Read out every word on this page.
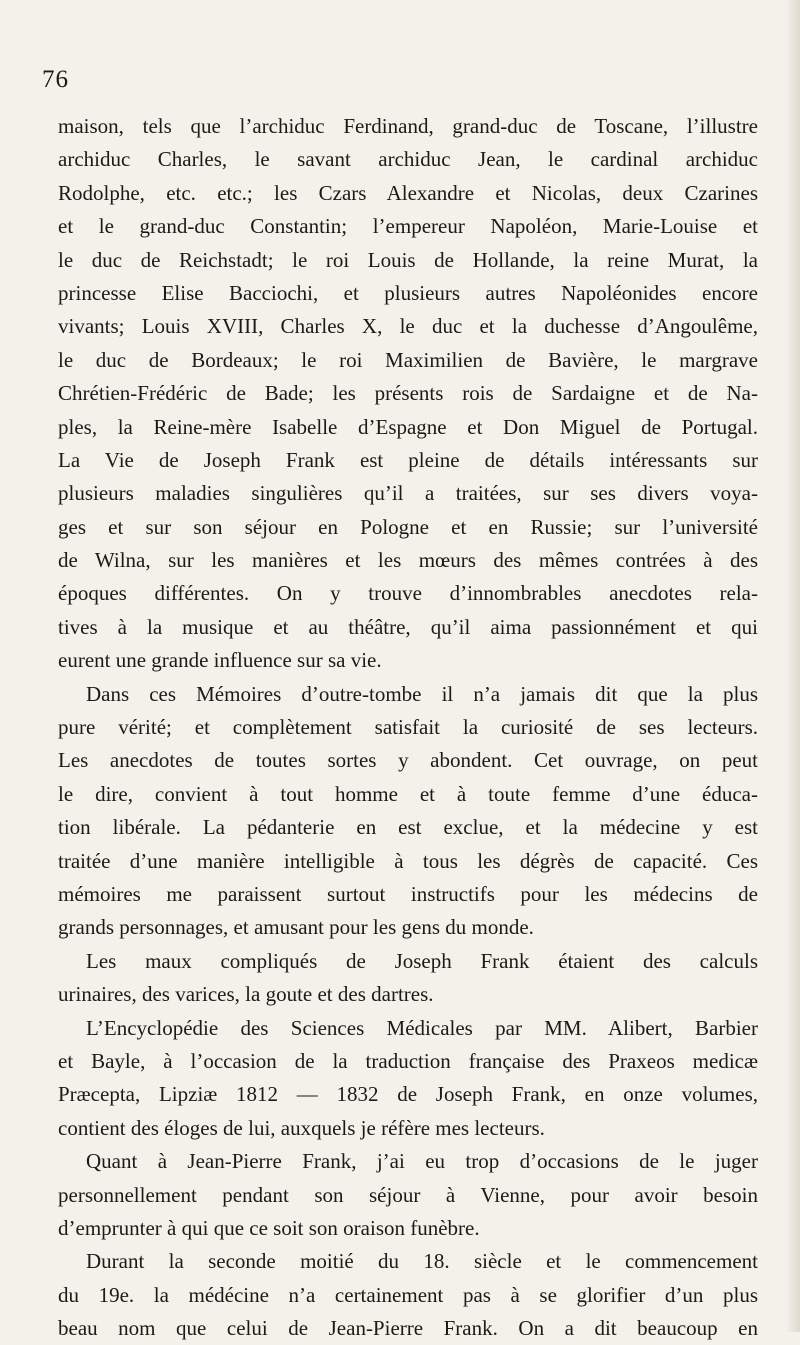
76
maison, tels que l’archiduc Ferdinand, grand-duc de Toscane, l’illustre
archiduc Charles, le savant archiduc Jean, le cardinal archiduc
Rodolphe, etc. etc.; les Czars Alexandre et Nicolas, deux Czarines
et le grand-duc Constantin; l’empereur Napoléon, Marie-Louise et
le duc de Reichstadt; le roi Louis de Hollande, la reine Murat, la
princesse Elise Bacciochi, et plusieurs autres Napoléonides encore
vivants; Louis XVIII, Charles X, le duc et la duchesse d’Angoulême,
le duc de Bordeaux; le roi Maximilien de Bavière, le margrave
Chrétien-Frédéric de Bade; les présents rois de Sardaigne et de Na-
ples, la Reine-mère Isabelle d’Espagne et Don Miguel de Portugal.
La Vie de Joseph Frank est pleine de détails intéressants sur
plusieurs maladies singulières qu’il a traitées, sur ses divers voya-
ges et sur son séjour en Pologne et en Russie; sur l’université
de Wilna, sur les manières et les mœurs des mêmes contrées à des
époques différentes. On y trouve d’innombrables anecdotes rela-
tives à la musique et au théâtre, qu’il aima passionnément et qui
eurent une grande influence sur sa vie.
Dans ces Mémoires d’outre-tombe il n’a jamais dit que la plus
pure vérité; et complètement satisfait la curiosité de ses lecteurs.
Les anecdotes de toutes sortes y abondent. Cet ouvrage, on peut
le dire, convient à tout homme et à toute femme d’une éduca-
tion libérale. La pédanterie en est exclue, et la médecine y est
traitée d’une manière intelligible à tous les dégrès de capacité. Ces
mémoires me paraissent surtout instructifs pour les médecins de
grands personnages, et amusant pour les gens du monde.
Les maux compliqués de Joseph Frank étaient des calculs
urinaires, des varices, la goute et des dartres.
L’Encyclopédie des Sciences Médicales par MM. Alibert, Barbier
et Bayle, à l’occasion de la traduction française des Praxeos medicæ
Præcepta, Lipziæ 1812 — 1832 de Joseph Frank, en onze volumes,
contient des éloges de lui, auxquels je réfère mes lecteurs.
Quant à Jean-Pierre Frank, j’ai eu trop d’occasions de le juger
personnellement pendant son séjour à Vienne, pour avoir besoin
d’emprunter à qui que ce soit son oraison funèbre.
Durant la seconde moitié du 18. siècle et le commencement
du 19e. la médécine n’a certainement pas à se glorifier d’un plus
beau nom que celui de Jean-Pierre Frank. On a dit beaucoup en
